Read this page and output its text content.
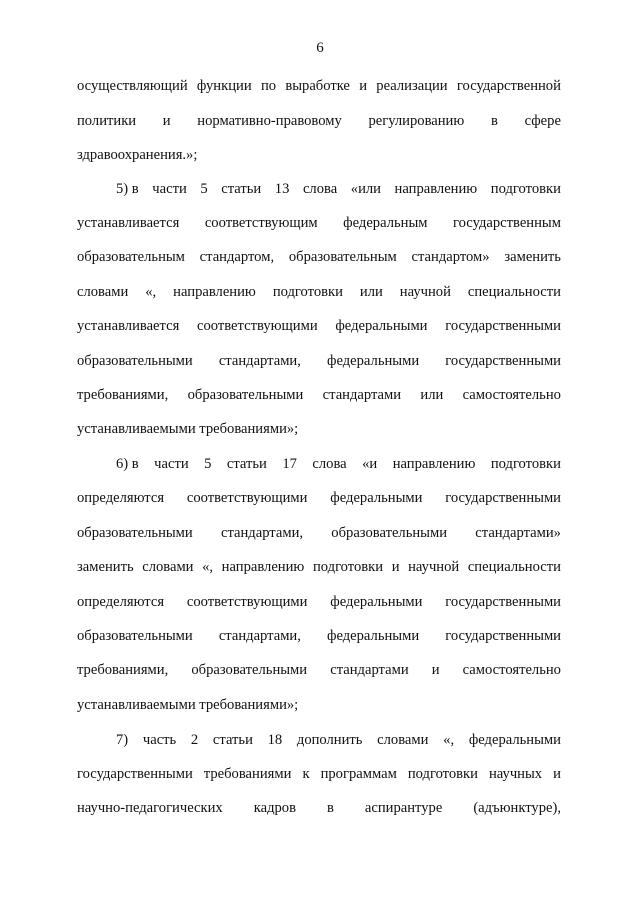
6
осуществляющий функции по выработке и реализации государственной
политики и нормативно-правовому регулированию в сфере
здравоохранения.»;
5) в части 5 статьи 13 слова «или направлению подготовки
устанавливается соответствующим федеральным государственным
образовательным стандартом, образовательным стандартом» заменить
словами «, направлению подготовки или научной специальности
устанавливается соответствующими федеральными государственными
образовательными стандартами, федеральными государственными
требованиями, образовательными стандартами или самостоятельно
устанавливаемыми требованиями»;
6) в части 5 статьи 17 слова «и направлению подготовки
определяются соответствующими федеральными государственными
образовательными стандартами, образовательными стандартами»
заменить словами «, направлению подготовки и научной специальности
определяются соответствующими федеральными государственными
образовательными стандартами, федеральными государственными
требованиями, образовательными стандартами и самостоятельно
устанавливаемыми требованиями»;
7) часть 2 статьи 18 дополнить словами «, федеральными
государственными требованиями к программам подготовки научных и
научно-педагогических кадров в аспирантуре (адъюнктуре),
